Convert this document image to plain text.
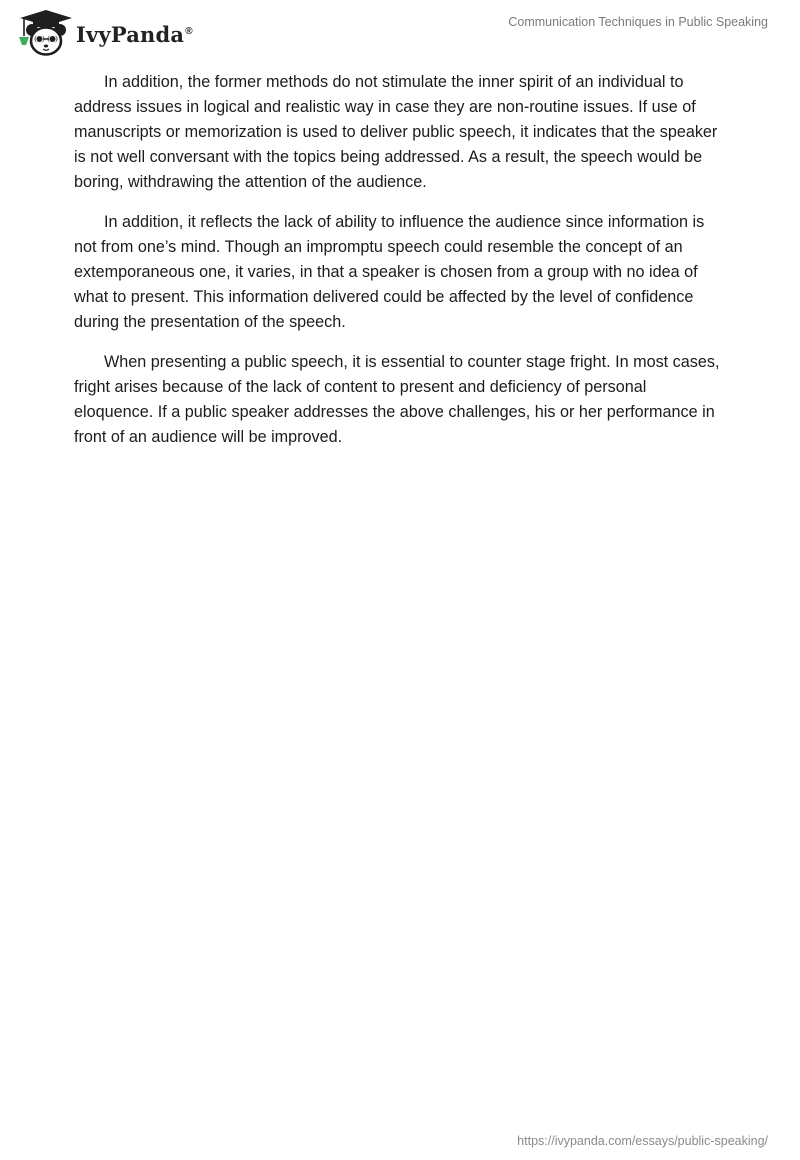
IvyPanda®
Communication Techniques in Public Speaking

In addition, the former methods do not stimulate the inner spirit of an individual to address issues in logical and realistic way in case they are non-routine issues. If use of manuscripts or memorization is used to deliver public speech, it indicates that the speaker is not well conversant with the topics being addressed. As a result, the speech would be boring, withdrawing the attention of the audience.

In addition, it reflects the lack of ability to influence the audience since information is not from one’s mind. Though an impromptu speech could resemble the concept of an extemporaneous one, it varies, in that a speaker is chosen from a group with no idea of what to present. This information delivered could be affected by the level of confidence during the presentation of the speech.

When presenting a public speech, it is essential to counter stage fright. In most cases, fright arises because of the lack of content to present and deficiency of personal eloquence. If a public speaker addresses the above challenges, his or her performance in front of an audience will be improved.

https://ivypanda.com/essays/public-speaking/
